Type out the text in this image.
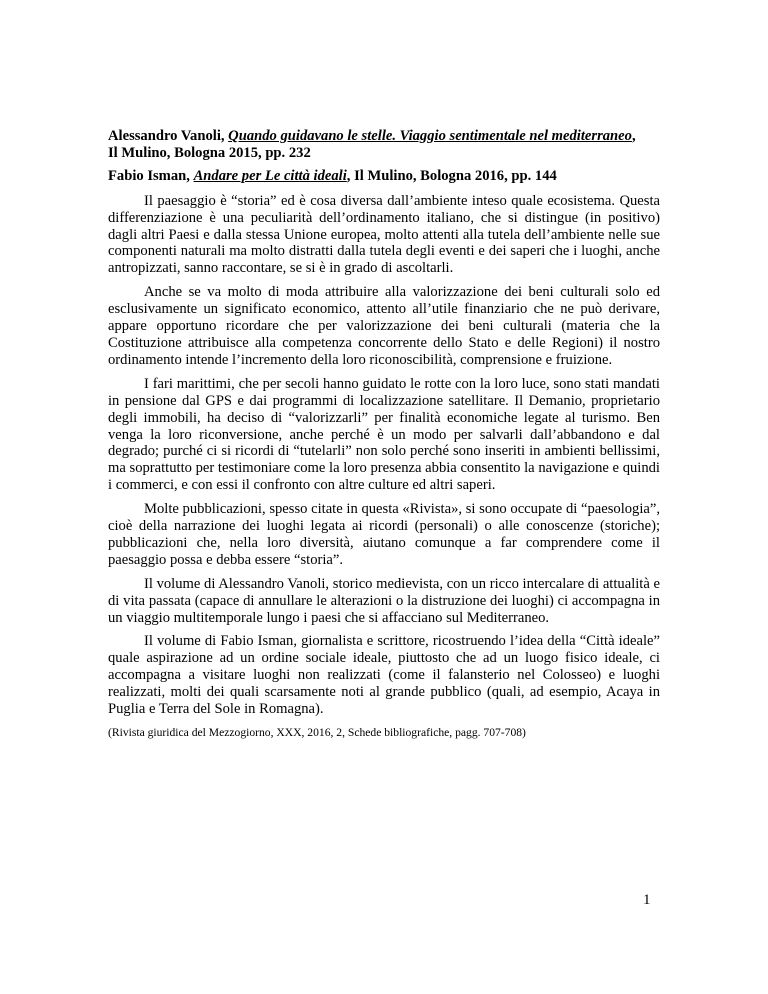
Alessandro Vanoli, Quando guidavano le stelle. Viaggio sentimentale nel mediterraneo,
Il Mulino, Bologna 2015, pp. 232

Fabio Isman, Andare per Le città ideali, Il Mulino, Bologna 2016, pp. 144

Il paesaggio è “storia” ed è cosa diversa dall’ambiente inteso quale ecosistema. Questa differenziazione è una peculiarità dell’ordinamento italiano, che si distingue (in positivo) dagli altri Paesi e dalla stessa Unione europea, molto attenti alla tutela dell’ambiente nelle sue componenti naturali ma molto distratti dalla tutela degli eventi e dei saperi che i luoghi, anche antropizzati, sanno raccontare, se si è in grado di ascoltarli.

Anche se va molto di moda attribuire alla valorizzazione dei beni culturali solo ed esclusivamente un significato economico, attento all’utile finanziario che ne può derivare, appare opportuno ricordare che per valorizzazione dei beni culturali (materia che la Costituzione attribuisce alla competenza concorrente dello Stato e delle Regioni) il nostro ordinamento intende l’incremento della loro riconoscibilità, comprensione e fruizione.

I fari marittimi, che per secoli hanno guidato le rotte con la loro luce, sono stati mandati in pensione dal GPS e dai programmi di localizzazione satellitare. Il Demanio, proprietario degli immobili, ha deciso di “valorizzarli” per finalità economiche legate al turismo. Ben venga la loro riconversione, anche perché è un modo per salvarli dall’abbandono e dal degrado; purché ci si ricordi di “tutelarli” non solo perché sono inseriti in ambienti bellissimi, ma soprattutto per testimoniare come la loro presenza abbia consentito la navigazione e quindi i commerci, e con essi il confronto con altre culture ed altri saperi.

Molte pubblicazioni, spesso citate in questa «Rivista», si sono occupate di “paesologia”, cioè della narrazione dei luoghi legata ai ricordi (personali) o alle conoscenze (storiche); pubblicazioni che, nella loro diversità, aiutano comunque a far comprendere come il paesaggio possa e debba essere “storia”.

Il volume di Alessandro Vanoli, storico medievista, con un ricco intercalare di attualità e di vita passata (capace di annullare le alterazioni o la distruzione dei luoghi) ci accompagna in un viaggio multitemporale lungo i paesi che si affacciano sul Mediterraneo.

Il volume di Fabio Isman, giornalista e scrittore, ricostruendo l’idea della “Città ideale” quale aspirazione ad un ordine sociale ideale, piuttosto che ad un luogo fisico ideale, ci accompagna a visitare luoghi non realizzati (come il falansterio nel Colosseo) e luoghi realizzati, molti dei quali scarsamente noti al grande pubblico (quali, ad esempio, Acaya in Puglia e Terra del Sole in Romagna).

(Rivista giuridica del Mezzogiorno, XXX, 2016, 2, Schede bibliografiche, pagg. 707-708)

1
